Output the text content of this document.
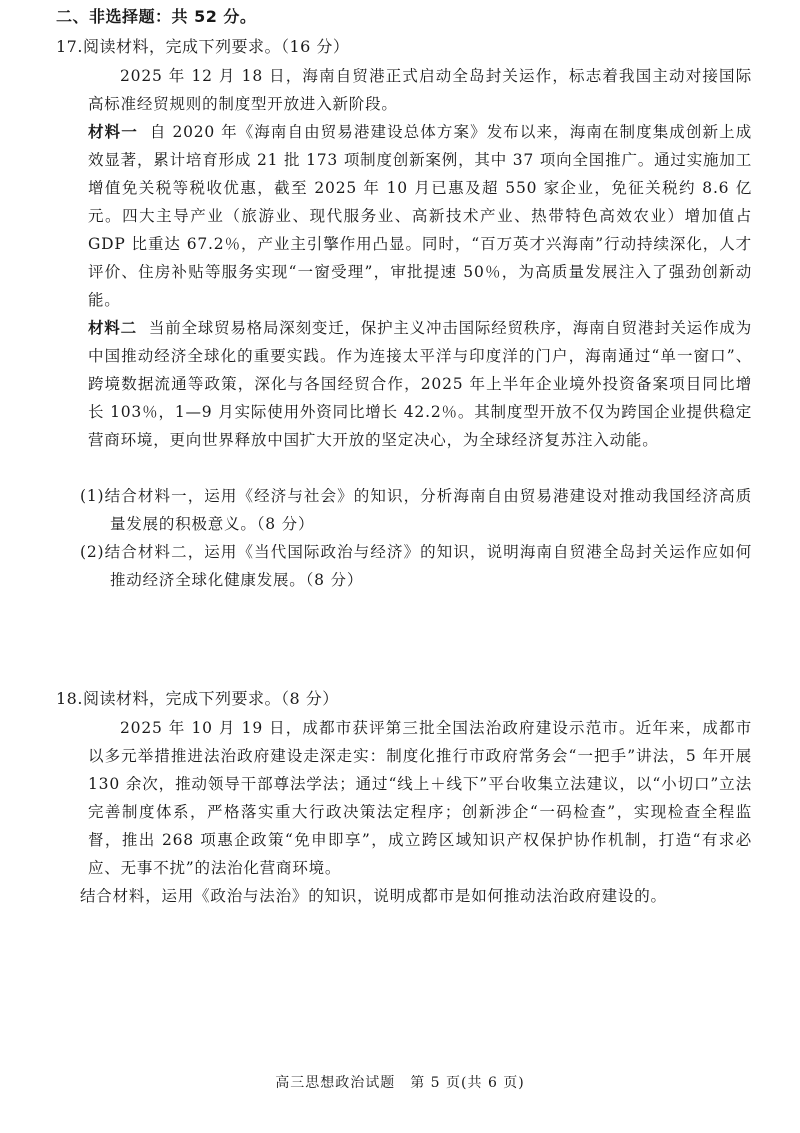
二、非选择题：共 52 分。
17.阅读材料，完成下列要求。（16 分）
2025 年 12 月 18 日，海南自贸港正式启动全岛封关运作，标志着我国主动对接国际高标准经贸规则的制度型开放进入新阶段。
材料一 自 2020 年《海南自由贸易港建设总体方案》发布以来，海南在制度集成创新上成效显著，累计培育形成 21 批 173 项制度创新案例，其中 37 项向全国推广。通过实施加工增值免关税等税收优惠，截至 2025 年 10 月已惠及超 550 家企业，免征关税约 8.6 亿元。四大主导产业（旅游业、现代服务业、高新技术产业、热带特色高效农业）增加值占 GDP 比重达 67.2％，产业主引擎作用凸显。同时，“百万英才兴海南”行动持续深化，人才评价、住房补贴等服务实现“一窗受理”，审批提速 50％，为高质量发展注入了强劲创新动能。
材料二 当前全球贸易格局深刻变迁，保护主义冲击国际经贸秩序，海南自贸港封关运作成为中国推动经济全球化的重要实践。作为连接太平洋与印度洋的门户，海南通过“单一窗口”、跨境数据流通等政策，深化与各国经贸合作，2025 年上半年企业境外投资备案项目同比增长 103％，1—9 月实际使用外资同比增长 42.2％。其制度型开放不仅为跨国企业提供稳定营商环境，更向世界释放中国扩大开放的坚定决心，为全球经济复苏注入动能。
(1)结合材料一，运用《经济与社会》的知识，分析海南自由贸易港建设对推动我国经济高质量发展的积极意义。（8 分）
(2)结合材料二，运用《当代国际政治与经济》的知识，说明海南自贸港全岛封关运作应如何推动经济全球化健康发展。（8 分）
18.阅读材料，完成下列要求。（8 分）
2025 年 10 月 19 日，成都市获评第三批全国法治政府建设示范市。近年来，成都市以多元举措推进法治政府建设走深走实：制度化推行市政府常务会“一把手”讲法，5 年开展 130 余次，推动领导干部尊法学法；通过“线上＋线下”平台收集立法建议，以“小切口”立法完善制度体系，严格落实重大行政决策法定程序；创新涉企“一码检查”，实现检查全程监督，推出 268 项惠企政策“免申即享”，成立跨区域知识产权保护协作机制，打造“有求必应、无事不扰”的法治化营商环境。
结合材料，运用《政治与法治》的知识，说明成都市是如何推动法治政府建设的。
高三思想政治试题　第 5 页(共 6 页)
